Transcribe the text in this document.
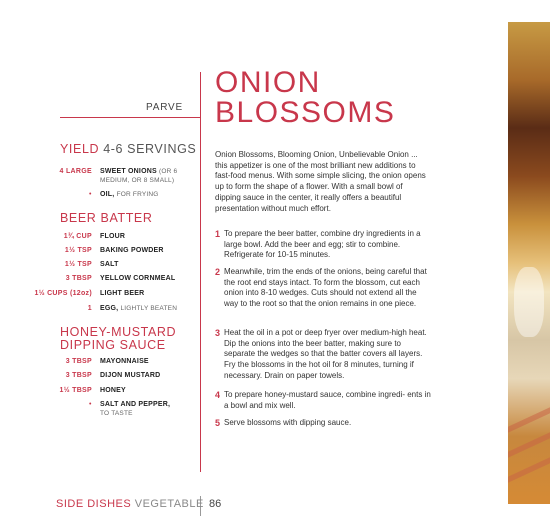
PARVE
ONION
BLOSSOMS
YIELD 4-6 SERVINGS
4 LARGE SWEET ONIONS (OR 6 MEDIUM, OR 8 SMALL)
• OIL, FOR FRYING
BEER BATTER
1¾ CUP FLOUR
1½ TSP BAKING POWDER
1½ TSP SALT
3 TBSP YELLOW CORNMEAL
1½ CUPS (12oz) LIGHT BEER
1 EGG, LIGHTLY BEATEN
HONEY-MUSTARD
DIPPING SAUCE
3 TBSP MAYONNAISE
3 TBSP DIJON MUSTARD
1½ TBSP HONEY
• SALT AND PEPPER,
TO TASTE

Onion Blossoms, Blooming Onion, Unbelievable Onion ... this appetizer is one of the most brilliant new additions to fast-food menus. With some simple slicing, the onion opens up to form the shape of a flower. With a small bowl of dipping sauce in the center, it really offers a beautiful presentation without much effort.

1 To prepare the beer batter, combine dry ingredients in a large bowl. Add the beer and egg; stir to combine. Refrigerate for 10-15 minutes.
2 Meanwhile, trim the ends of the onions, being careful that the root end stays intact. To form the blossom, cut each onion into 8-10 wedges. Cuts should not extend all the way to the root so that the onion remains in one piece.
3 Heat the oil in a pot or deep fryer over medium-high heat. Dip the onions into the beer batter, making sure to separate the wedges so that the batter covers all layers. Fry the blossoms in the hot oil for 8 minutes, turning if necessary. Drain on paper towels.
4 To prepare honey-mustard sauce, combine ingredi- ents in a bowl and mix well.
5 Serve blossoms with dipping sauce.
SIDE DISHES VEGETABLE 86
